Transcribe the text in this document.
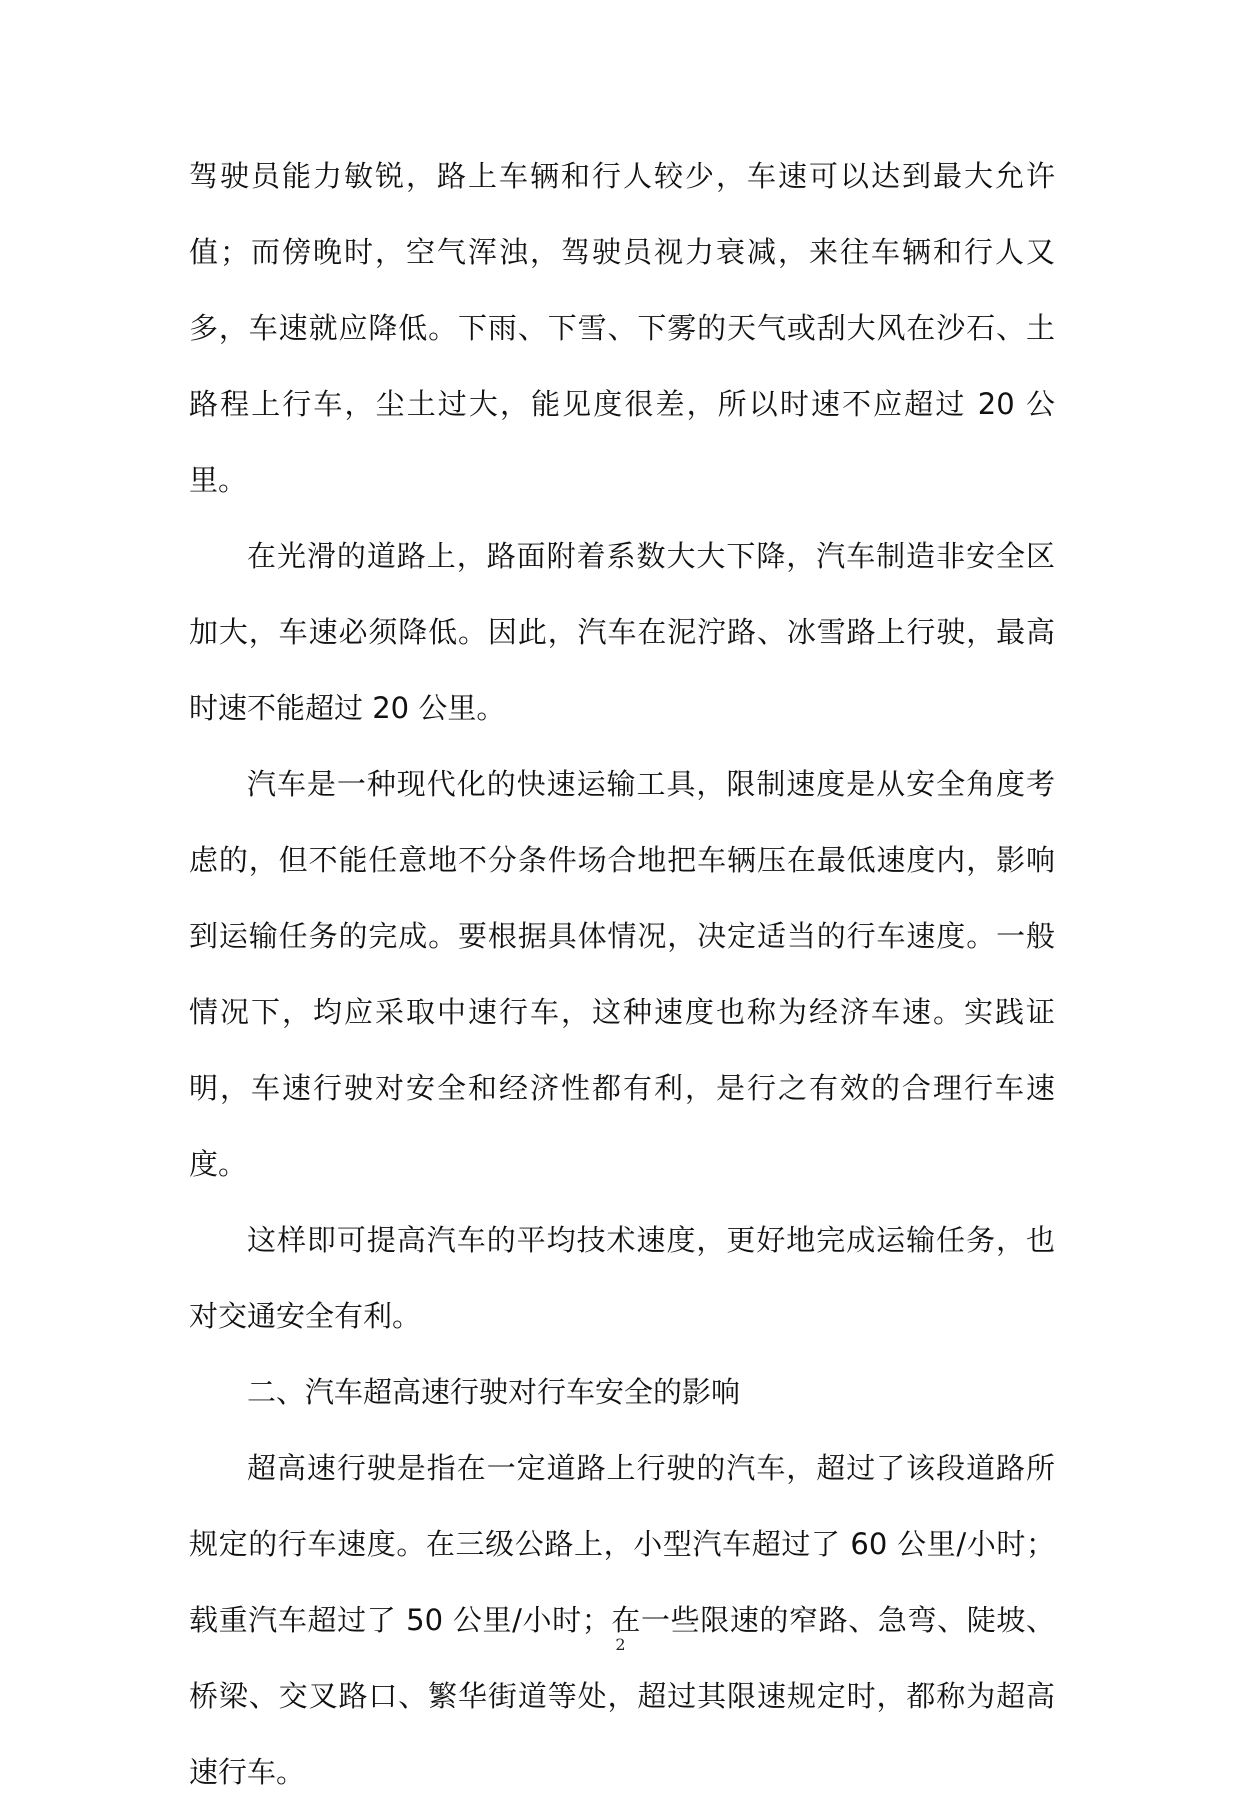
驾驶员能力敏锐，路上车辆和行人较少，车速可以达到最大允许值；而傍晚时，空气浑浊，驾驶员视力衰减，来往车辆和行人又多，车速就应降低。下雨、下雪、下雾的天气或刮大风在沙石、土路程上行车，尘土过大，能见度很差，所以时速不应超过 20 公里。

在光滑的道路上，路面附着系数大大下降，汽车制造非安全区加大，车速必须降低。因此，汽车在泥泞路、冰雪路上行驶，最高时速不能超过 20 公里。

汽车是一种现代化的快速运输工具，限制速度是从安全角度考虑的，但不能任意地不分条件场合地把车辆压在最低速度内，影响到运输任务的完成。要根据具体情况，决定适当的行车速度。一般情况下，均应采取中速行车，这种速度也称为经济车速。实践证明，车速行驶对安全和经济性都有利，是行之有效的合理行车速度。

这样即可提高汽车的平均技术速度，更好地完成运输任务，也对交通安全有利。

二、汽车超高速行驶对行车安全的影响

超高速行驶是指在一定道路上行驶的汽车，超过了该段道路所规定的行车速度。在三级公路上，小型汽车超过了 60 公里/小时；载重汽车超过了 50 公里/小时；在一些限速的窄路、急弯、陡坡、桥梁、交叉路口、繁华街道等处，超过其限速规定时，都称为超高速行车。

2
